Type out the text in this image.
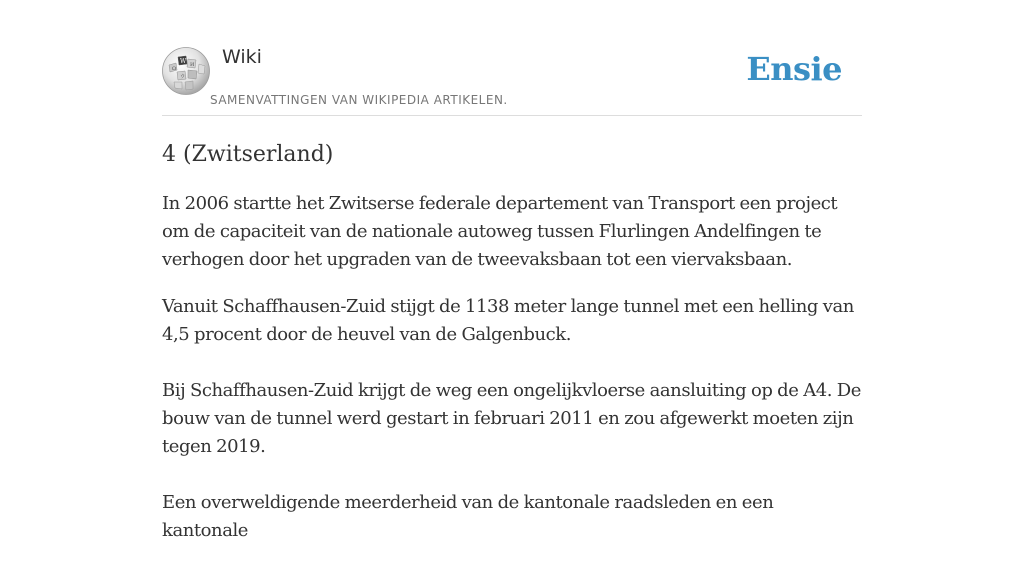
W
Ω
И
ウ
Wiki
SAMENVATTINGEN VAN WIKIPEDIA ARTIKELEN.
Ensie
4 (Zwitserland)

In 2006 startte het Zwitserse federale departement van Transport een project om de capaciteit van de nationale autoweg tussen Flurlingen Andelfingen te verhogen door het upgraden van de tweevaksbaan tot een viervaksbaan.

Vanuit Schaffhausen-Zuid stijgt de 1138 meter lange tunnel met een helling van 4,5 procent door de heuvel van de Galgenbuck.

Bij Schaffhausen-Zuid krijgt de weg een ongelijkvloerse aansluiting op de A4. De bouw van de tunnel werd gestart in februari 2011 en zou afgewerkt moeten zijn tegen 2019.

Een overweldigende meerderheid van de kantonale raadsleden en een kantonale
